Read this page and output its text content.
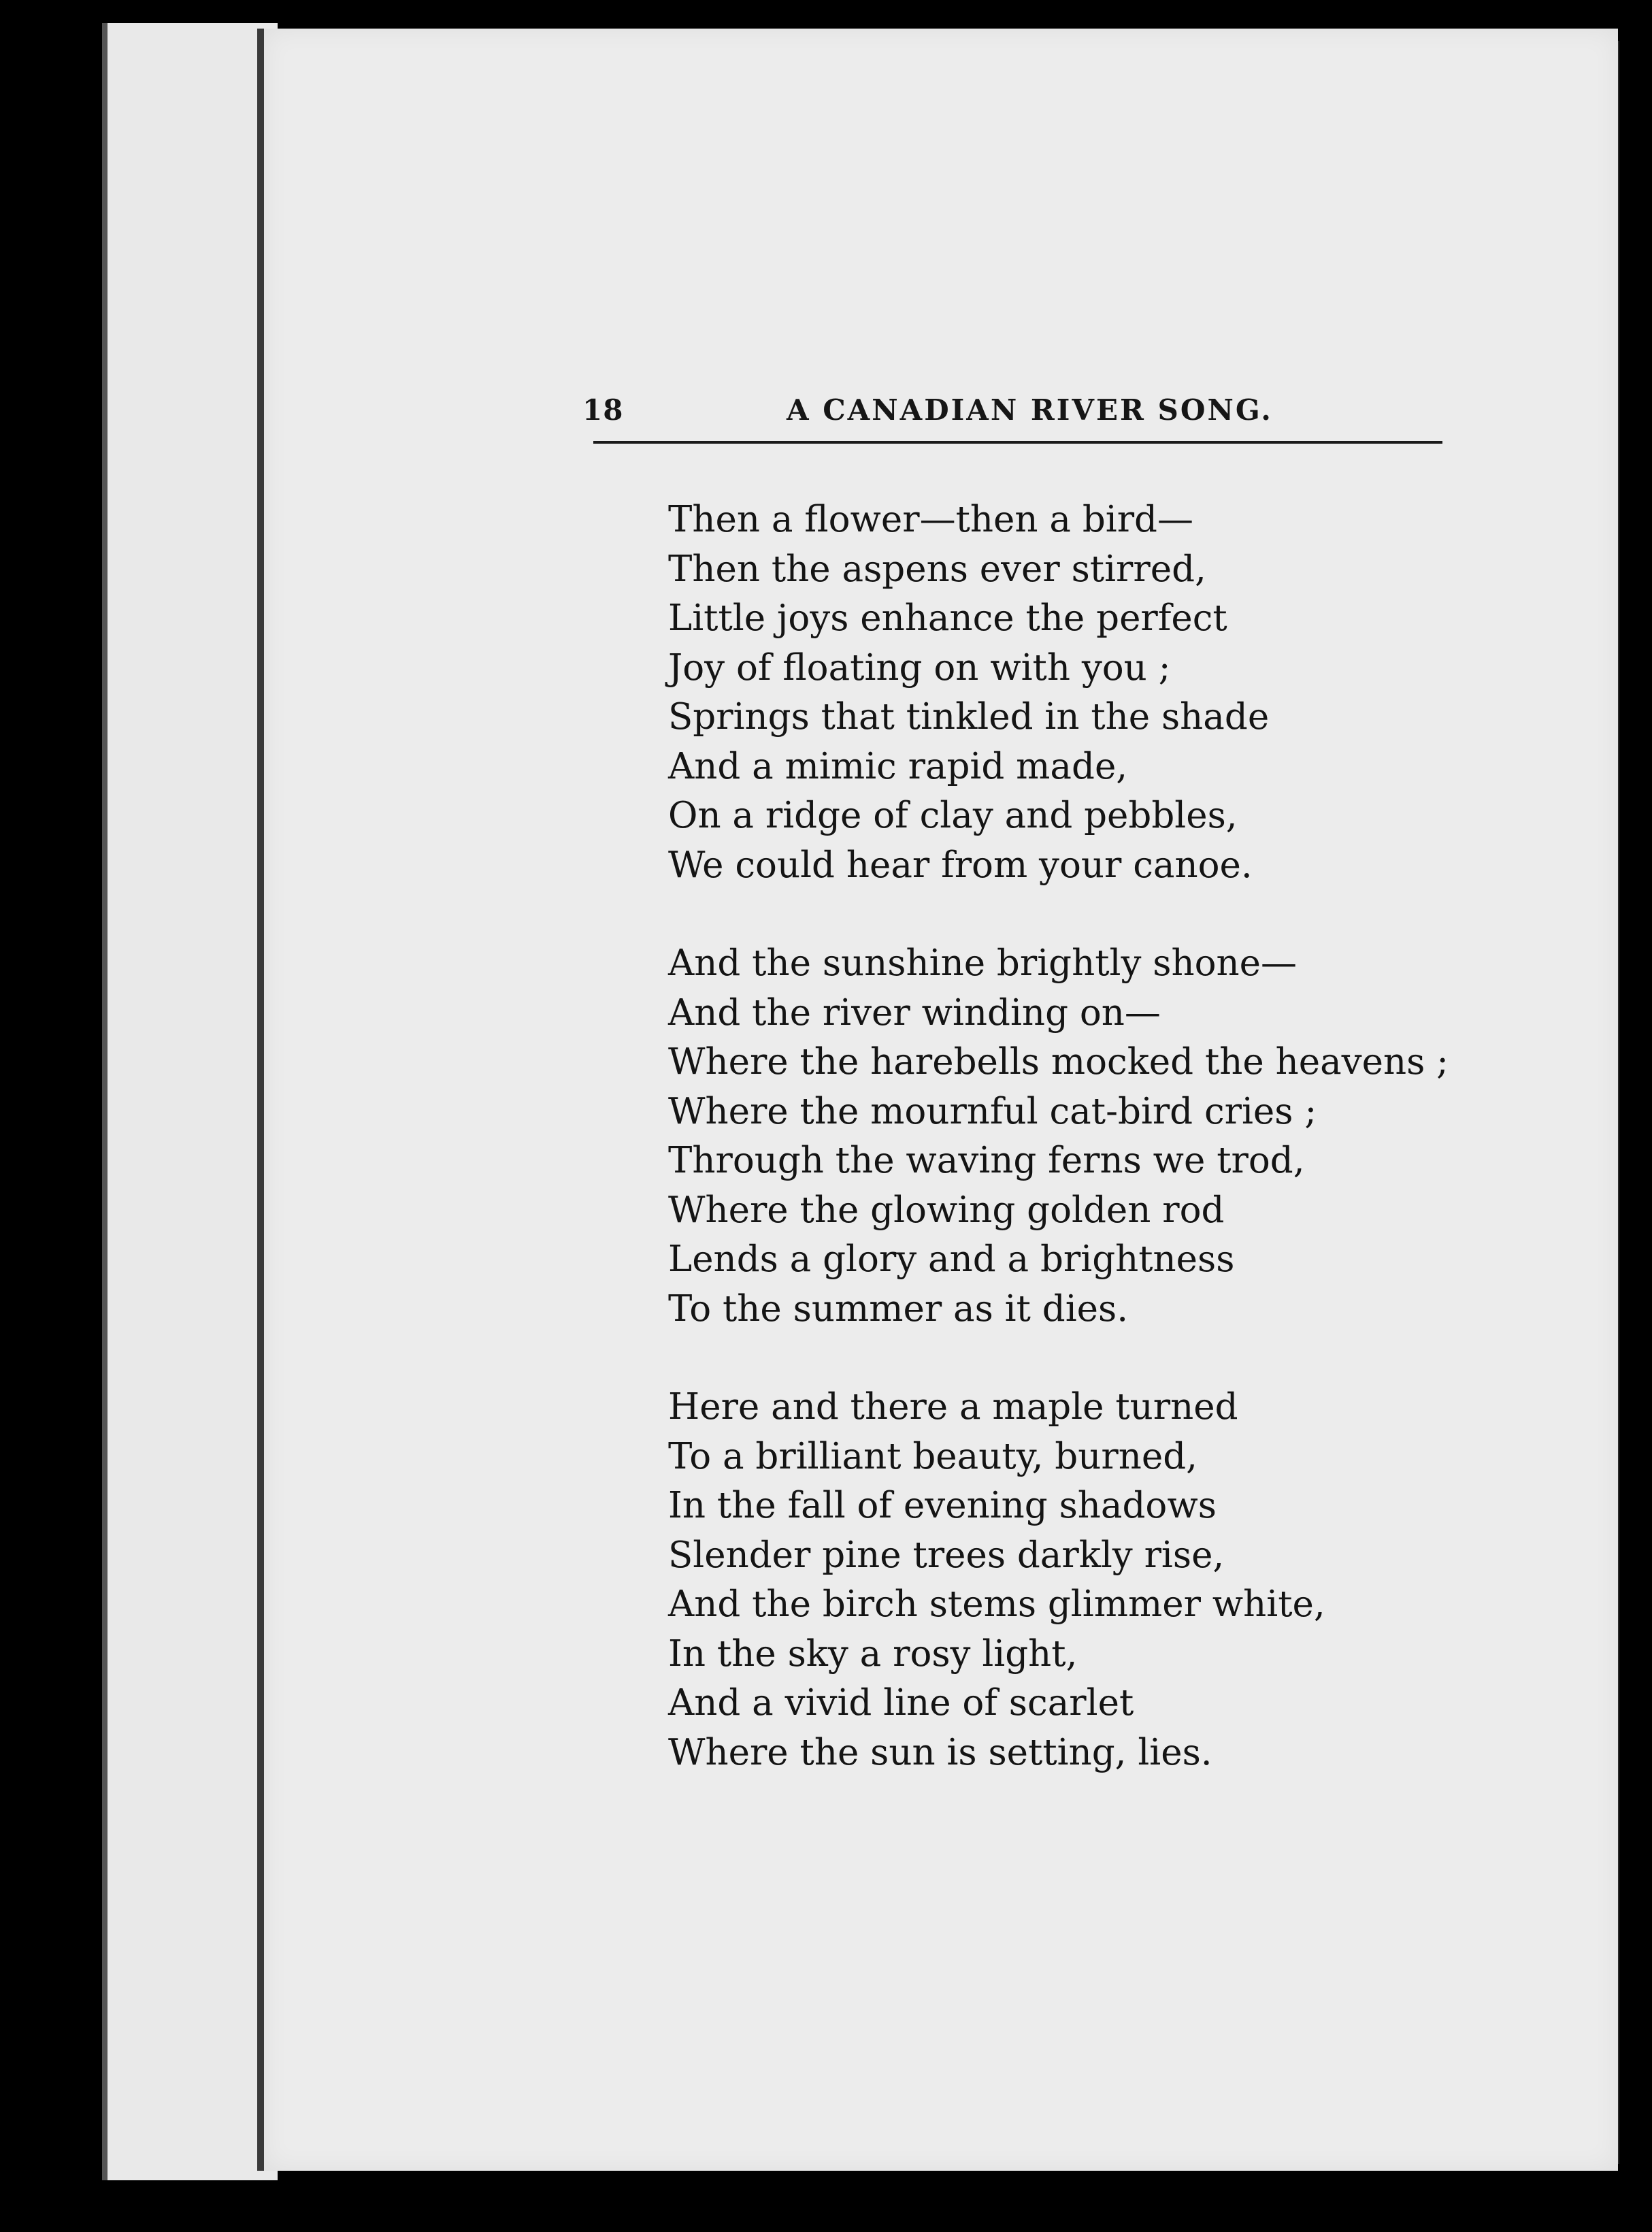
18	A CANADIAN RIVER SONG.
Then a flower—then a bird—
Then the aspens ever stirred,
Little joys enhance the perfect
Joy of floating on with you ;
Springs that tinkled in the shade
And a mimic rapid made,
On a ridge of clay and pebbles,
We could hear from your canoe.
And the sunshine brightly shone—
And the river winding on—
Where the harebells mocked the heavens ;
Where the mournful cat-bird cries ;
Through the waving ferns we trod,
Where the glowing golden rod
Lends a glory and a brightness
To the summer as it dies.
Here and there a maple turned
To a brilliant beauty, burned,
In the fall of evening shadows
Slender pine trees darkly rise,
And the birch stems glimmer white,
In the sky a rosy light,
And a vivid line of scarlet
Where the sun is setting, lies.
